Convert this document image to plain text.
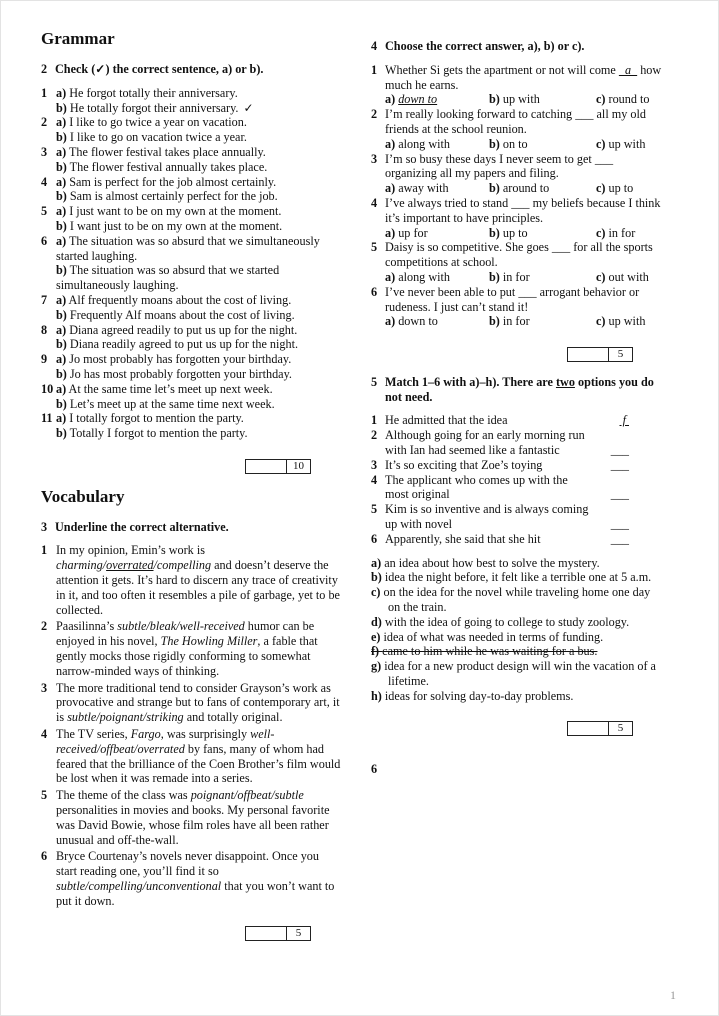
Grammar
2 Check (✓) the correct sentence, a) or b).
1 a) He forgot totally their anniversary.
b) He totally forgot their anniversary. ✓
2 a) I like to go twice a year on vacation.
b) I like to go on vacation twice a year.
3 a) The flower festival takes place annually.
b) The flower festival annually takes place.
4 a) Sam is perfect for the job almost certainly.
b) Sam is almost certainly perfect for the job.
5 a) I just want to be on my own at the moment.
b) I want just to be on my own at the moment.
6 a) The situation was so absurd that we simultaneously started laughing.
b) The situation was so absurd that we started simultaneously laughing.
7 a) Alf frequently moans about the cost of living.
b) Frequently Alf moans about the cost of living.
8 a) Diana agreed readily to put us up for the night.
b) Diana readily agreed to put us up for the night.
9 a) Jo most probably has forgotten your birthday.
b) Jo has most probably forgotten your birthday.
10 a) At the same time let’s meet up next week.
b) Let’s meet up at the same time next week.
11 a) I totally forgot to mention the party.
b) Totally I forgot to mention the party.
10
Vocabulary
3 Underline the correct alternative.
1 In my opinion, Emin’s work is charming/overrated/compelling and doesn’t deserve the attention it gets. It’s hard to discern any trace of creativity in it, and too often it resembles a pile of garbage, yet to be collected.
2 Paasilinna’s subtle/bleak/well-received humor can be enjoyed in his novel, The Howling Miller, a fable that gently mocks those rigidly conforming to somewhat narrow-minded ways of thinking.
3 The more traditional tend to consider Grayson’s work as provocative and strange but to fans of contemporary art, it is subtle/poignant/striking and totally original.
4 The TV series, Fargo, was surprisingly well-received/offbeat/overrated by fans, many of whom had feared that the brilliance of the Coen Brother’s film would be lost when it was remade into a series.
5 The theme of the class was poignant/offbeat/subtle personalities in movies and books. My personal favorite was David Bowie, whose film roles have all been rather unusual and off-the-wall.
6 Bryce Courtenay’s novels never disappoint. Once you start reading one, you’ll find it so subtle/compelling/unconventional that you won’t want to put it down.
5
4 Choose the correct answer, a), b) or c).
1 Whether Si gets the apartment or not will come   a   how much he earns.
a) down to	b) up with	c) round to
2 I’m really looking forward to catching ___ all my old friends at the school reunion.
a) along with	b) on to	c) up with
3 I’m so busy these days I never seem to get ___ organizing all my papers and filing.
a) away with	b) around to	c) up to
4 I’ve always tried to stand ___ my beliefs because I think it’s important to have principles.
a) up for	b) up to	c) in for
5 Daisy is so competitive. She goes ___ for all the sports competitions at school.
a) along with	b) in for	c) out with
6 I’ve never been able to put ___ arrogant behavior or rudeness. I just can’t stand it!
a) down to	b) in for	c) up with
5
5 Match 1–6 with a)–h). There are two options you do not need.
1 He admitted that the idea	f
2 Although going for an early morning run with Ian had seemed like a fantastic	___
3 It’s so exciting that Zoe’s toying	___
4 The applicant who comes up with the most original	___
5 Kim is so inventive and is always coming up with novel	___
6 Apparently, she said that she hit	___
a) an idea about how best to solve the mystery.
b) idea the night before, it felt like a terrible one at 5 a.m.
c) on the idea for the novel while traveling home one day on the train.
d) with the idea of going to college to study zoology.
e) idea of what was needed in terms of funding.
f) came to him while he was waiting for a bus.
g) idea for a new product design will win the vacation of a lifetime.
h) ideas for solving day-to-day problems.
5
6
1
